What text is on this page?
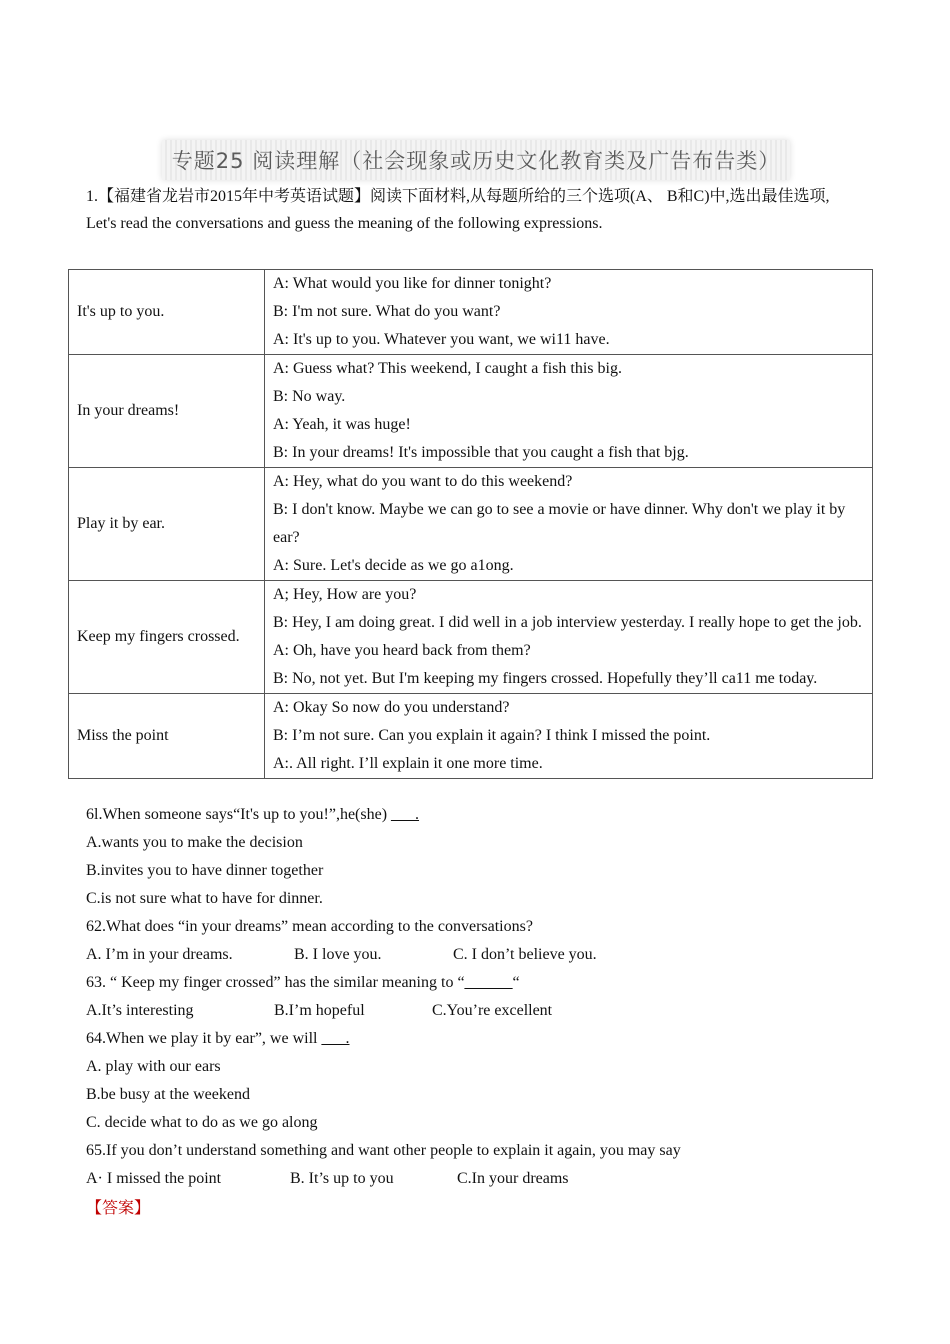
专题25 阅读理解（社会现象或历史文化教育类及广告布告类）
1.【福建省龙岩市2015年中考英语试题】阅读下面材料,从每题所给的三个选项(A、 B和C)中,选出最佳选项,
Let's read the conversations and guess the meaning of the following expressions.
It's up to you.	A: What would you like for dinner tonight?
B: I'm not sure. What do you want?
A: It's up to you. Whatever you want, we wi11 have.

In your dreams!	A: Guess what? This weekend, I caught a fish this big.
B: No way.
A: Yeah, it was huge!
B: In your dreams! It's impossible that you caught a fish that bjg.

Play it by ear.	A: Hey, what do you want to do this weekend?
B: I don't know. Maybe we can go to see a movie or have dinner. Why don't we play it by ear?
A: Sure. Let's decide as we go a1ong.

Keep my fingers crossed.	A; Hey, How are you?
B: Hey, I am doing great. I did well in a job interview yesterday. I really hope to get the job.
A: Oh, have you heard back from them?
B: No, not yet. But I'm keeping my fingers crossed. Hopefully they’ll ca11 me today.

Miss the point	A: Okay So now do you understand?
B: I’m not sure. Can you explain it again? I think I missed the point.
A:. All right. I’ll explain it one more time.
6l.When someone says“It's up to you!”,he(she) ___.
A.wants you to make the decision
B.invites you to have dinner together
C.is not sure what to have for dinner.
62.What does “in your dreams” mean according to the conversations?
A. I’m in your dreams.	B. I love you.	C. I don’t believe you.
63. “ Keep my finger crossed” has the similar meaning to “______“
A.It’s interesting	B.I’m hopeful	C.You’re excellent
64.When we play it by ear”, we will ___.
A. play with our ears
B.be busy at the weekend
C. decide what to do as we go along
65.If you don’t understand something and want other people to explain it again, you may say
A· I missed the point	B. It’s up to you	C.In your dreams
【答案】
